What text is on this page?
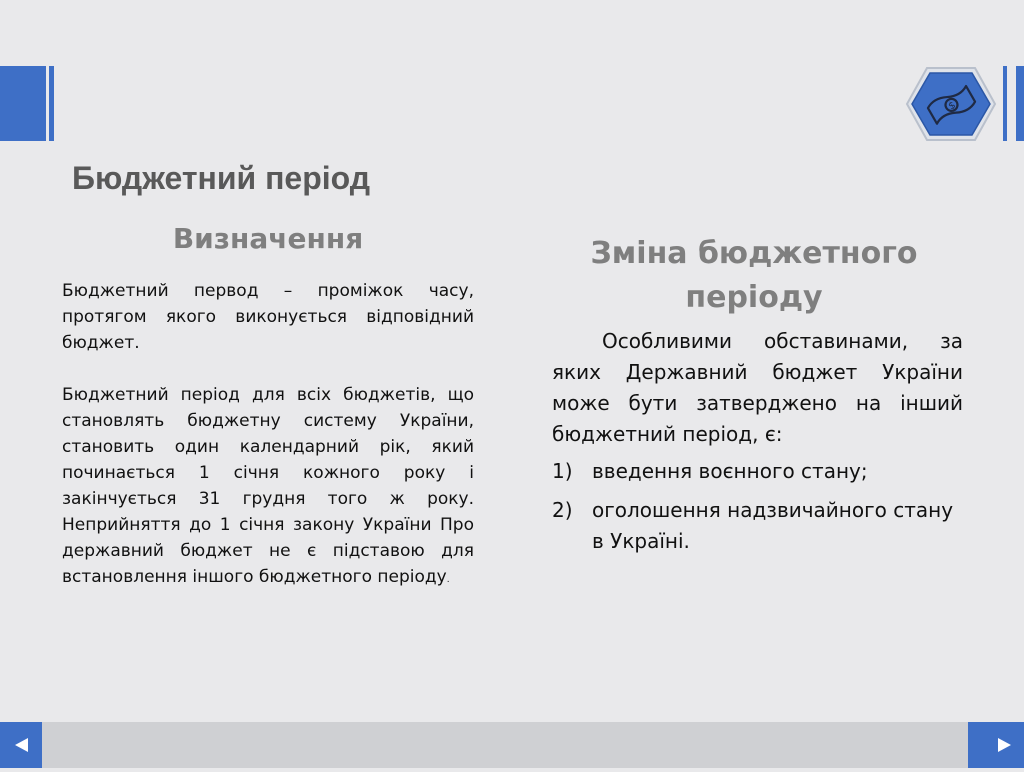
$
Бюджетний період
Визначення

Бюджетний первод – проміжок часу, протягом якого виконується відповідний бюджет.

Бюджетний період для всіх бюджетів, що становлять бюджетну систему України, становить один календарний рік, який починається 1 січня кожного року і закінчується 31 грудня того ж року. Неприйняття до 1 січня закону України Про державний бюджет не є підставою для встановлення іншого бюджетного періоду.

Зміна бюджетного періоду

Особливими обставинами, за яких Державний бюджет України може бути затверджено на інший бюджетний період, є:

1) введення воєнного стану;
2) оголошення надзвичайного стану в Україні.
